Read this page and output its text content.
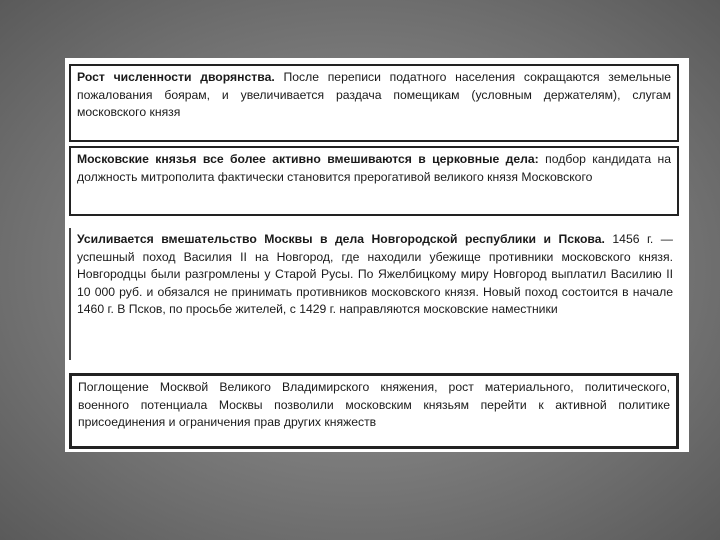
Рост численности дворянства. После переписи податного населения сокращаются земельные пожалования боярам, и увеличивается раздача помещикам (условным держателям), слугам московского князя
Московские князья все более активно вмешиваются в церковные дела: подбор кандидата на должность митрополита фактически становится прерогативой великого князя Московского
Усиливается вмешательство Москвы в дела Новгородской республики и Пскова. 1456 г. — успешный поход Василия II на Новгород, где находили убежище противники московского князя. Новгородцы были разгромлены у Старой Русы. По Яжелбицкому миру Новгород выплатил Василию II 10 000 руб. и обязался не принимать противников московского князя. Новый поход состоится в начале 1460 г. В Псков, по просьбе жителей, с 1429 г. направляются московские наместники
Поглощение Москвой Великого Владимирского княжения, рост материального, политического, военного потенциала Москвы позволили московским князьям перейти к активной политике присоединения и ограничения прав других княжеств
